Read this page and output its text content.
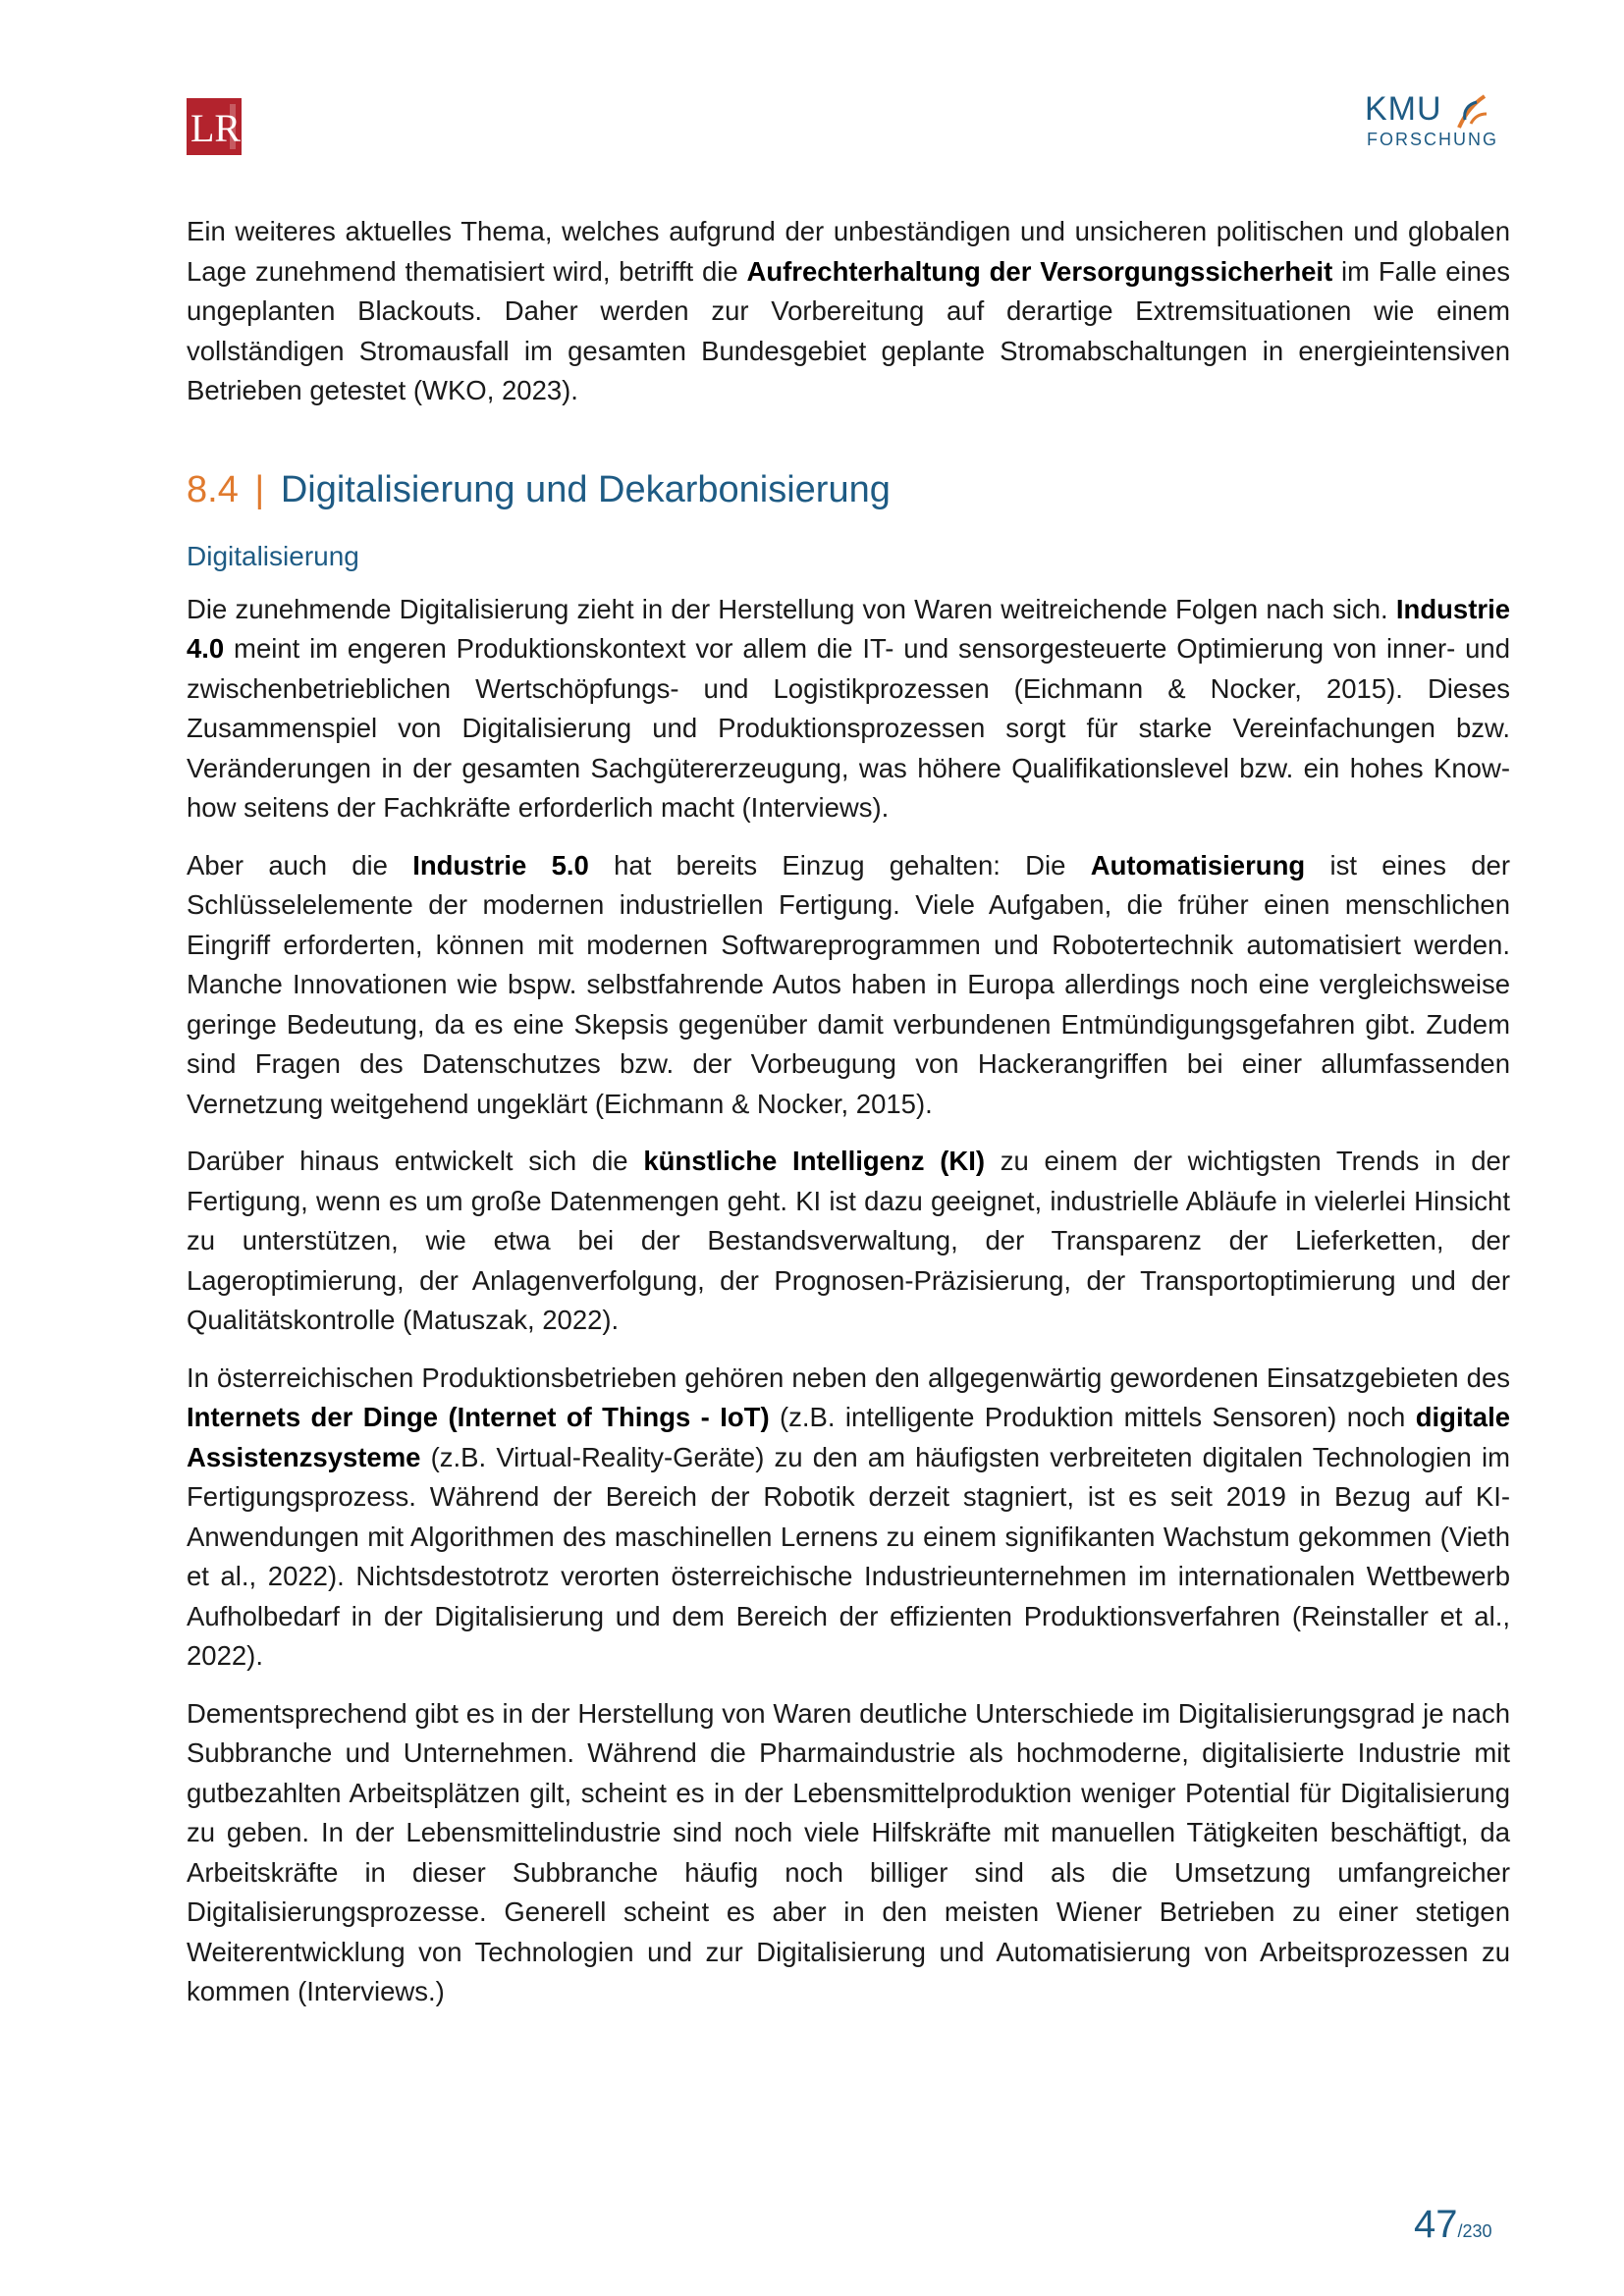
LR	KMU
FORSCHUNG

Ein weiteres aktuelles Thema, welches aufgrund der unbeständigen und unsicheren politischen und globalen Lage zunehmend thematisiert wird, betrifft die Aufrechterhaltung der Versorgungssicherheit im Falle eines ungeplanten Blackouts. Daher werden zur Vorbereitung auf derartige Extremsituationen wie einem vollständigen Stromausfall im gesamten Bundesgebiet geplante Stromabschaltungen in energieintensiven Betrieben getestet (WKO, 2023).

8.4 | Digitalisierung und Dekarbonisierung
Digitalisierung

Die zunehmende Digitalisierung zieht in der Herstellung von Waren weitreichende Folgen nach sich. Industrie 4.0 meint im engeren Produktionskontext vor allem die IT- und sensorgesteuerte Optimierung von inner- und zwischenbetrieblichen Wertschöpfungs- und Logistikprozessen (Eichmann & Nocker, 2015). Dieses Zusammenspiel von Digitalisierung und Produktionsprozessen sorgt für starke Vereinfachungen bzw. Veränderungen in der gesamten Sachgütererzeugung, was höhere Qualifikationslevel bzw. ein hohes Know-how seitens der Fachkräfte erforderlich macht (Interviews).

Aber auch die Industrie 5.0 hat bereits Einzug gehalten: Die Automatisierung ist eines der Schlüsselelemente der modernen industriellen Fertigung. Viele Aufgaben, die früher einen menschlichen Eingriff erforderten, können mit modernen Softwareprogrammen und Robotertechnik automatisiert werden. Manche Innovationen wie bspw. selbstfahrende Autos haben in Europa allerdings noch eine vergleichsweise geringe Bedeutung, da es eine Skepsis gegenüber damit verbundenen Entmündigungsgefahren gibt. Zudem sind Fragen des Datenschutzes bzw. der Vorbeugung von Hackerangriffen bei einer allumfassenden Vernetzung weitgehend ungeklärt (Eichmann & Nocker, 2015).

Darüber hinaus entwickelt sich die künstliche Intelligenz (KI) zu einem der wichtigsten Trends in der Fertigung, wenn es um große Datenmengen geht. KI ist dazu geeignet, industrielle Abläufe in vielerlei Hinsicht zu unterstützen, wie etwa bei der Bestandsverwaltung, der Transparenz der Lieferketten, der Lageroptimierung, der Anlagenverfolgung, der Prognosen-Präzisierung, der Transportoptimierung und der Qualitätskontrolle (Matuszak, 2022).

In österreichischen Produktionsbetrieben gehören neben den allgegenwärtig gewordenen Einsatzgebieten des Internets der Dinge (Internet of Things - IoT) (z.B. intelligente Produktion mittels Sensoren) noch digitale Assistenzsysteme (z.B. Virtual-Reality-Geräte) zu den am häufigsten verbreiteten digitalen Technologien im Fertigungsprozess. Während der Bereich der Robotik derzeit stagniert, ist es seit 2019 in Bezug auf KI-Anwendungen mit Algorithmen des maschinellen Lernens zu einem signifikanten Wachstum gekommen (Vieth et al., 2022). Nichtsdestotrotz verorten österreichische Industrieunternehmen im internationalen Wettbewerb Aufholbedarf in der Digitalisierung und dem Bereich der effizienten Produktionsverfahren (Reinstaller et al., 2022).

Dementsprechend gibt es in der Herstellung von Waren deutliche Unterschiede im Digitalisierungsgrad je nach Subbranche und Unternehmen. Während die Pharmaindustrie als hochmoderne, digitalisierte Industrie mit gutbezahlten Arbeitsplätzen gilt, scheint es in der Lebensmittelproduktion weniger Potential für Digitalisierung zu geben. In der Lebensmittelindustrie sind noch viele Hilfskräfte mit manuellen Tätigkeiten beschäftigt, da Arbeitskräfte in dieser Subbranche häufig noch billiger sind als die Umsetzung umfangreicher Digitalisierungsprozesse. Generell scheint es aber in den meisten Wiener Betrieben zu einer stetigen Weiterentwicklung von Technologien und zur Digitalisierung und Automatisierung von Arbeitsprozessen zu kommen (Interviews.)

47/230
